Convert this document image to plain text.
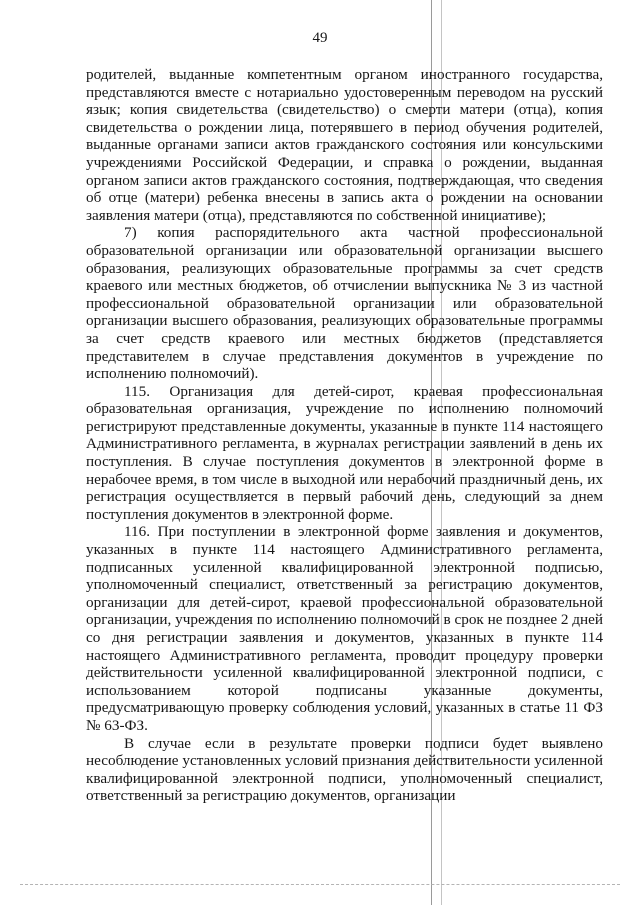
49

родителей, выданные компетентным органом иностранного государства, представляются вместе с нотариально удостоверенным переводом на русский язык; копия свидетельства (свидетельство) о смерти матери (отца), копия свидетельства о рождении лица, потерявшего в период обучения родителей, выданные органами записи актов гражданского состояния или консульскими учреждениями Российской Федерации, и справка о рождении, выданная органом записи актов гражданского состояния, подтверждающая, что сведения об отце (матери) ребенка внесены в запись акта о рождении на основании заявления матери (отца), представляются по собственной инициативе);

7) копия распорядительного акта частной профессиональной образовательной организации или образовательной организации высшего образования, реализующих образовательные программы за счет средств краевого или местных бюджетов, об отчислении выпускника № 3 из частной профессиональной образовательной организации или образовательной организации высшего образования, реализующих образовательные программы за счет средств краевого или местных бюджетов (представляется представителем в случае представления документов в учреждение по исполнению полномочий).

115. Организация для детей-сирот, краевая профессиональная образовательная организация, учреждение по исполнению полномочий регистрируют представленные документы, указанные в пункте 114 настоящего Административного регламента, в журналах регистрации заявлений в день их поступления. В случае поступления документов в электронной форме в нерабочее время, в том числе в выходной или нерабочий праздничный день, их регистрация осуществляется в первый рабочий день, следующий за днем поступления документов в электронной форме.

116. При поступлении в электронной форме заявления и документов, указанных в пункте 114 настоящего Административного регламента, подписанных усиленной квалифицированной электронной подписью, уполномоченный специалист, ответственный за регистрацию документов, организации для детей-сирот, краевой профессиональной образовательной организации, учреждения по исполнению полномочий в срок не позднее 2 дней со дня регистрации заявления и документов, указанных в пункте 114 настоящего Административного регламента, проводит процедуру проверки действительности усиленной квалифицированной электронной подписи, с использованием которой подписаны указанные документы, предусматривающую проверку соблюдения условий, указанных в статье 11 ФЗ № 63-ФЗ.

В случае если в результате проверки подписи будет выявлено несоблюдение установленных условий признания действительности усиленной квалифицированной электронной подписи, уполномоченный специалист, ответственный за регистрацию документов, организации
